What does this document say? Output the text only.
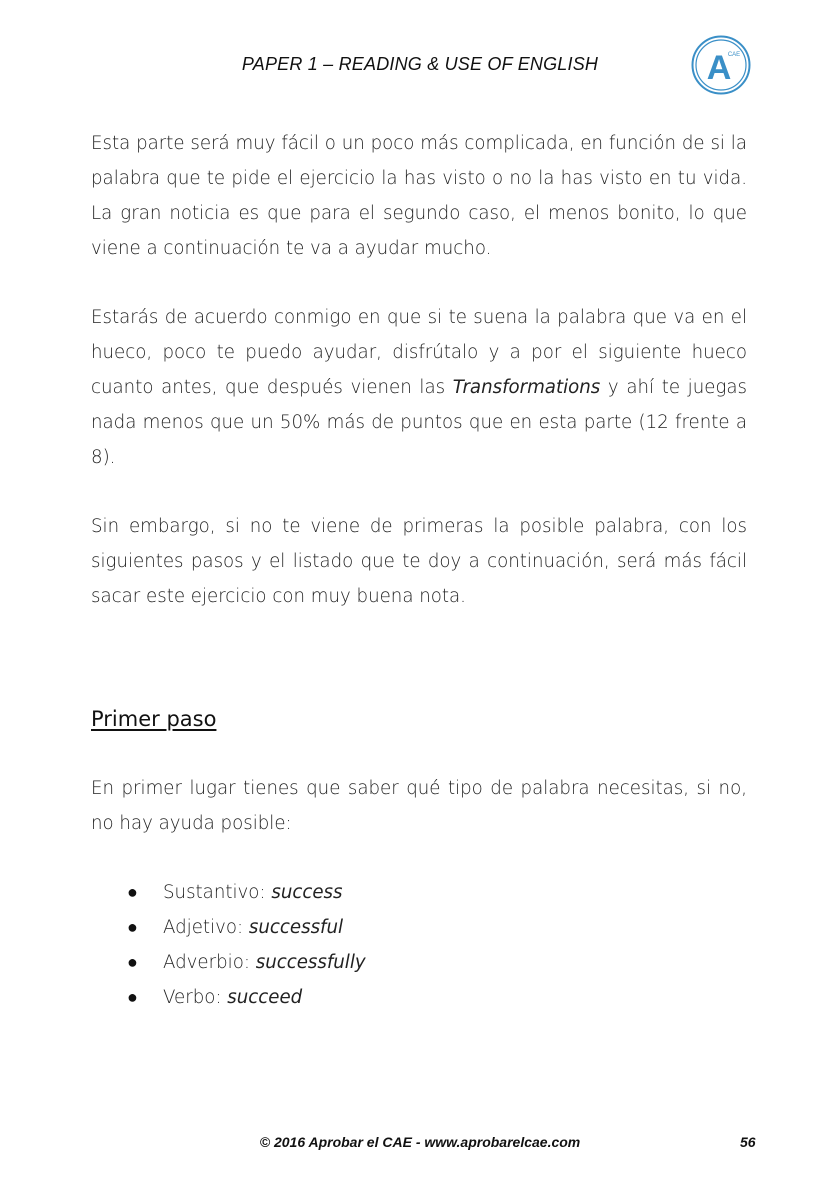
PAPER 1 – READING & USE OF ENGLISH	A
CAE

Esta parte será muy fácil o un poco más complicada, en función de si la palabra que te pide el ejercicio la has visto o no la has visto en tu vida. La gran noticia es que para el segundo caso, el menos bonito, lo que viene a continuación te va a ayudar mucho.

Estarás de acuerdo conmigo en que si te suena la palabra que va en el hueco, poco te puedo ayudar, disfrútalo y a por el siguiente hueco cuanto antes, que después vienen las Transformations y ahí te juegas nada menos que un 50% más de puntos que en esta parte (12 frente a 8).

Sin embargo, si no te viene de primeras la posible palabra, con los siguientes pasos y el listado que te doy a continuación, será más fácil sacar este ejercicio con muy buena nota.

Primer paso

En primer lugar tienes que saber qué tipo de palabra necesitas, si no, no hay ayuda posible:

● Sustantivo: success
● Adjetivo: successful
● Adverbio: successfully
● Verbo: succeed
© 2016 Aprobar el CAE - www.aprobarelcae.com	56
